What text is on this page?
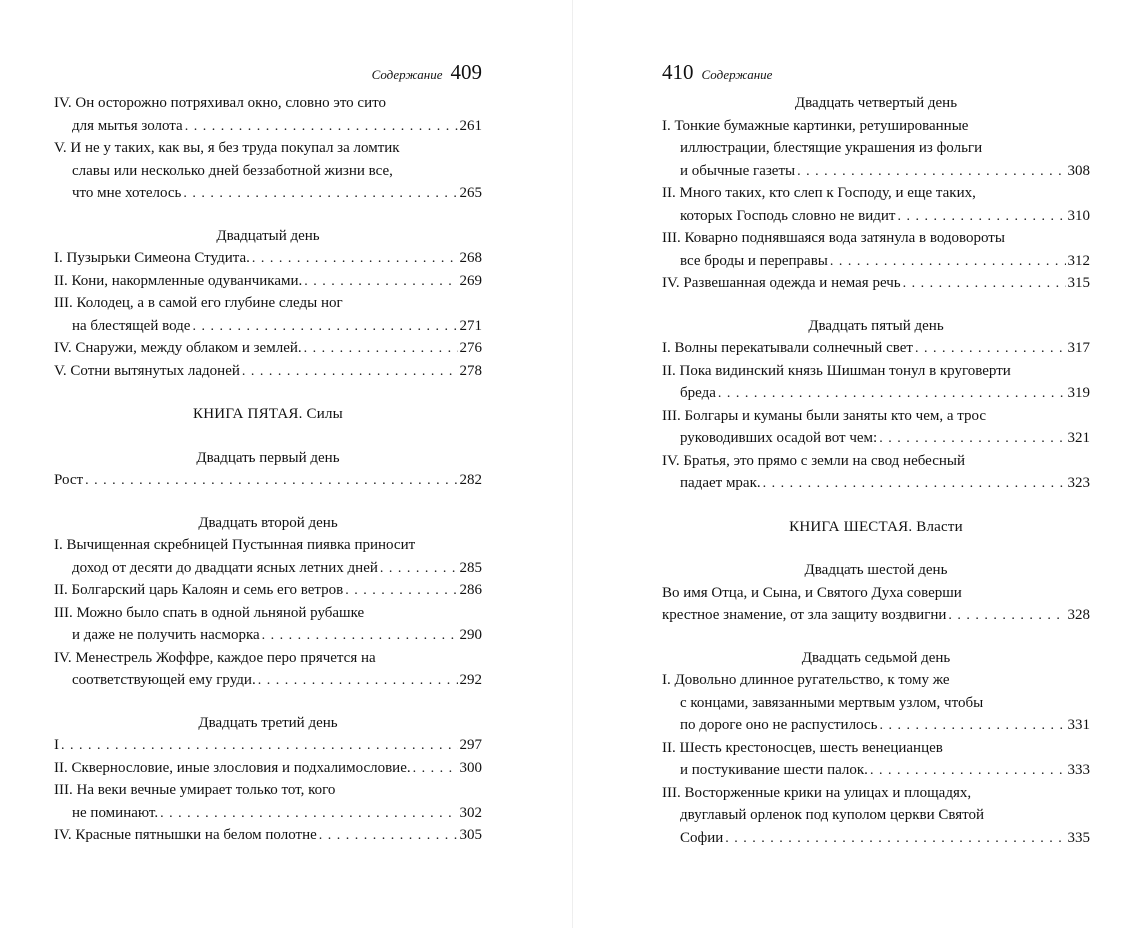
Содержание 409
IV. Он осторожно потряхивал окно, словно это сито
для мытья золота . . .	261
V. И не у таких, как вы, я без труда покупал за ломтик
славы или несколько дней беззаботной жизни все,
что мне хотелось . . .	265
Двадцатый день
I. Пузырьки Симеона Студита. . . .	268
II. Кони, накормленные одуванчиками. . . .	269
III. Колодец, а в самой его глубине следы ног
на блестящей воде . . .	271
IV. Снаружи, между облаком и землей. . . .	276
V. Сотни вытянутых ладоней . . .	278
КНИГА ПЯТАЯ. Силы
Двадцать первый день
Рост . . .	282
Двадцать второй день
I. Вычищенная скребницей Пустынная пиявка приносит
доход от десяти до двадцати ясных летних дней . . .	285
II. Болгарский царь Калоян и семь его ветров . . .	286
III. Можно было спать в одной льняной рубашке
и даже не получить насморка . . .	290
IV. Менестрель Жоффре, каждое перо прячется на
соответствующей ему груди. . . .	292
Двадцать третий день
I . . .	297
II. Сквернословие, иные злословия и подхалимословие. . . .	300
III. На веки вечные умирает только тот, кого
не поминают. . . .	302
IV. Красные пятнышки на белом полотне . . .	305
410 Содержание
Двадцать четвертый день
I. Тонкие бумажные картинки, ретушированные
иллюстрации, блестящие украшения из фольги
и обычные газеты . . .	308
II. Много таких, кто слеп к Господу, и еще таких,
которых Господь словно не видит . . .	310
III. Коварно поднявшаяся вода затянула в водовороты
все броды и переправы . . .	312
IV. Развешанная одежда и немая речь . . .	315
Двадцать пятый день
I. Волны перекатывали солнечный свет . . .	317
II. Пока видинский князь Шишман тонул в круговерти
бреда . . .	319
III. Болгары и куманы были заняты кто чем, а трос
руководивших осадой вот чем: . . .	321
IV. Братья, это прямо с земли на свод небесный
падает мрак. . . .	323
КНИГА ШЕСТАЯ. Власти
Двадцать шестой день
Во имя Отца, и Сына, и Святого Духа соверши
крестное знамение, от зла защиту воздвигни . . .	328
Двадцать седьмой день
I. Довольно длинное ругательство, к тому же
с концами, завязанными мертвым узлом, чтобы
по дороге оно не распустилось . . .	331
II. Шесть крестоносцев, шесть венецианцев
и постукивание шести палок. . . .	333
III. Восторженные крики на улицах и площадях,
двуглавый орленок под куполом церкви Святой
Софии . . .	335
